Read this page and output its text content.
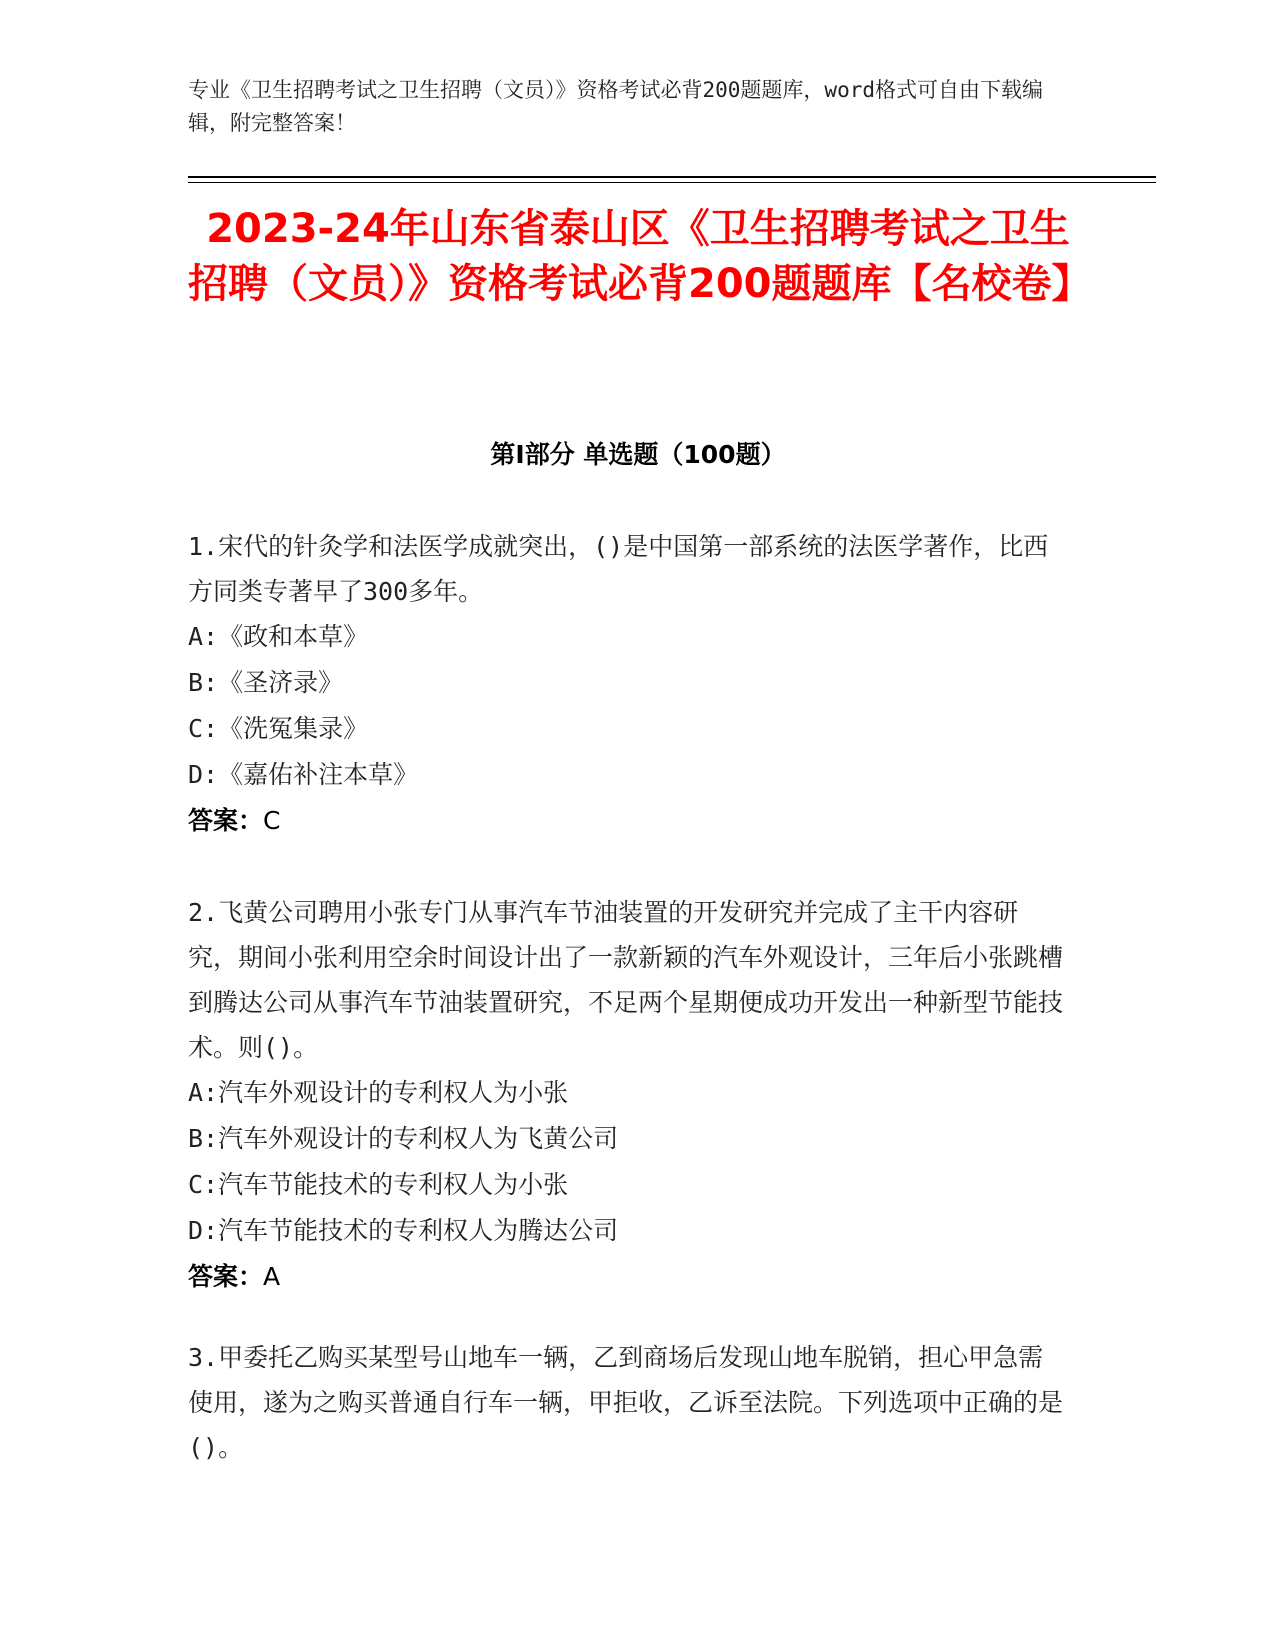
专业《卫生招聘考试之卫生招聘（文员）》资格考试必背200题题库，word格式可自由下载编辑，附完整答案！
2023-24年山东省泰山区《卫生招聘考试之卫生招聘（文员）》资格考试必背200题题库【名校卷】
第Ⅰ部分 单选题（100题）

1.宋代的针灸学和法医学成就突出，()是中国第一部系统的法医学著作，比西方同类专著早了300多年。

A:《政和本草》

B:《圣济录》

C:《洗冤集录》

D:《嘉佑补注本草》

答案：C

2.飞黄公司聘用小张专门从事汽车节油装置的开发研究并完成了主干内容研究，期间小张利用空余时间设计出了一款新颖的汽车外观设计，三年后小张跳槽到腾达公司从事汽车节油装置研究，不足两个星期便成功开发出一种新型节能技术。则()。

A:汽车外观设计的专利权人为小张

B:汽车外观设计的专利权人为飞黄公司

C:汽车节能技术的专利权人为小张

D:汽车节能技术的专利权人为腾达公司

答案：A

3.甲委托乙购买某型号山地车一辆，乙到商场后发现山地车脱销，担心甲急需使用，遂为之购买普通自行车一辆，甲拒收，乙诉至法院。下列选项中正确的是()。
